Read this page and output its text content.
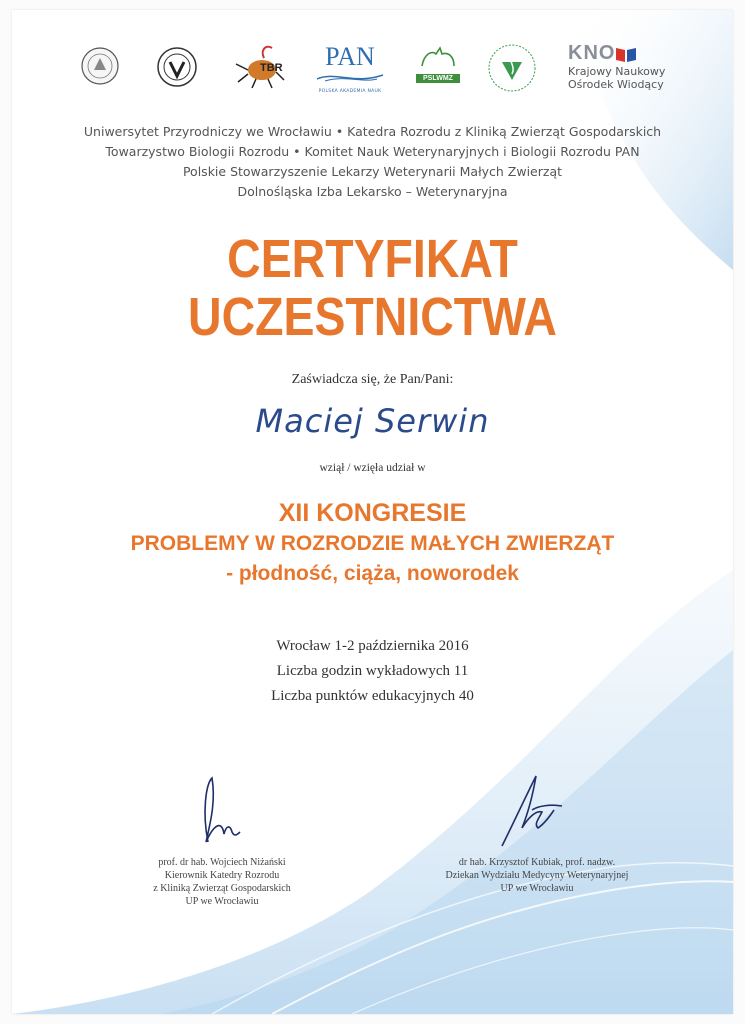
TBR	PAN
POLSKA AKADEMIA NAUK
PSLWMZ
KNO
Krajowy Naukowy
Ośrodek Wiodący
Uniwersytet Przyrodniczy we Wrocławiu • Katedra Rozrodu z Kliniką Zwierząt Gospodarskich
Towarzystwo Biologii Rozrodu • Komitet Nauk Weterynaryjnych i Biologii Rozrodu PAN
Polskie Stowarzyszenie Lekarzy Weterynarii Małych Zwierząt
Dolnośląska Izba Lekarsko – Weterynaryjna
CERTYFIKAT
UCZESTNICTWA
Zaświadcza się, że Pan/Pani:
Maciej Serwin
wziął / wzięła udział w
XII KONGRESIE
PROBLEMY W ROZRODZIE MAŁYCH ZWIERZĄT
- płodność, ciąża, noworodek
Wrocław 1-2 października 2016
Liczba godzin wykładowych 11
Liczba punktów edukacyjnych 40
prof. dr hab. Wojciech Niżański
Kierownik Katedry Rozrodu
z Kliniką Zwierząt Gospodarskich
UP we Wrocławiu
dr hab. Krzysztof Kubiak, prof. nadzw.
Dziekan Wydziału Medycyny Weterynaryjnej
UP we Wrocławiu
